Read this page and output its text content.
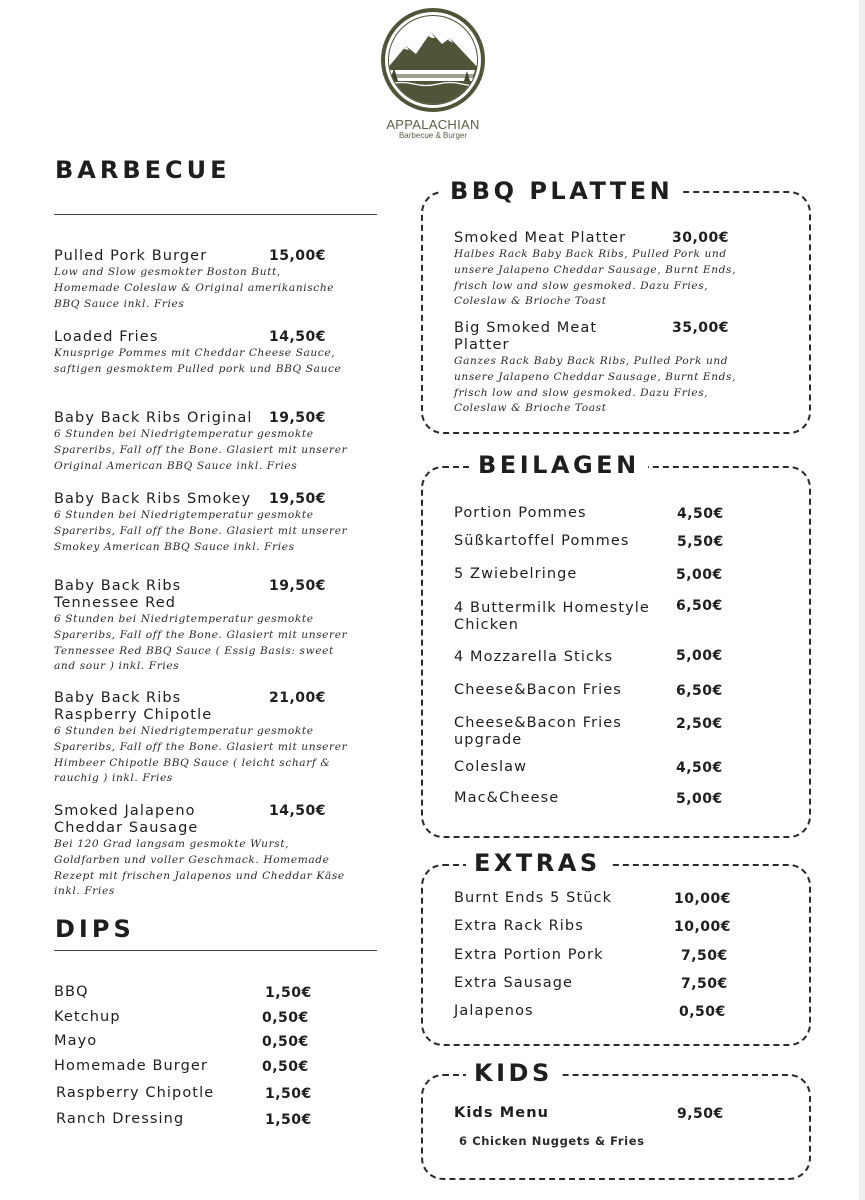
APPALACHIAN
Barbecue & Burger
BARBECUE
Pulled Pork Burger	15,00€
Low and Slow gesmokter Boston Butt,
Homemade Coleslaw & Original amerikanische
BBQ Sauce inkl. Fries
Loaded Fries	14,50€
Knusprige Pommes mit Cheddar Cheese Sauce,
saftigen gesmoktem Pulled pork und BBQ Sauce
Baby Back Ribs Original	19,50€
6 Stunden bei Niedrigtemperatur gesmokte
Spareribs, Fall off the Bone. Glasiert mit unserer
Original American BBQ Sauce inkl. Fries
Baby Back Ribs Smokey	19,50€
6 Stunden bei Niedrigtemperatur gesmokte
Spareribs, Fall off the Bone. Glasiert mit unserer
Smokey American BBQ Sauce inkl. Fries
Baby Back Ribs
Tennessee Red
19,50€
6 Stunden bei Niedrigtemperatur gesmokte
Spareribs, Fall off the Bone. Glasiert mit unserer
Tennessee Red BBQ Sauce ( Essig Basis: sweet
and sour ) inkl. Fries
Baby Back Ribs
Raspberry Chipotle
21,00€
6 Stunden bei Niedrigtemperatur gesmokte
Spareribs, Fall off the Bone. Glasiert mit unserer
Himbeer Chipotle BBQ Sauce ( leicht scharf &
rauchig ) inkl. Fries
Smoked Jalapeno
Cheddar Sausage
14,50€
Bei 120 Grad langsam gesmokte Wurst,
Goldfarben und voller Geschmack. Homemade
Rezept mit frischen Jalapenos und Cheddar Käse
inkl. Fries
DIPS
BBQ	1,50€
Ketchup	0,50€
Mayo	0,50€
Homemade Burger	0,50€
Raspberry Chipotle	1,50€
Ranch Dressing	1,50€
BBQ PLATTEN
Smoked Meat Platter	30,00€
Halbes Rack Baby Back Ribs, Pulled Pork und
unsere Jalapeno Cheddar Sausage, Burnt Ends,
frisch low and slow gesmoked. Dazu Fries,
Coleslaw & Brioche Toast
Big Smoked Meat
Platter
35,00€
Ganzes Rack Baby Back Ribs, Pulled Pork und
unsere Jalapeno Cheddar Sausage, Burnt Ends,
frisch low and slow gesmoked. Dazu Fries,
Coleslaw & Brioche Toast
BEILAGEN
Portion Pommes	4,50€
Süßkartoffel Pommes	5,50€
5 Zwiebelringe	5,00€
4 Buttermilk Homestyle
Chicken
6,50€
4 Mozzarella Sticks	5,00€
Cheese&Bacon Fries	6,50€
Cheese&Bacon Fries
upgrade
2,50€
Coleslaw	4,50€
Mac&Cheese	5,00€
EXTRAS
Burnt Ends 5 Stück	10,00€
Extra Rack Ribs	10,00€
Extra Portion Pork	7,50€
Extra Sausage	7,50€
Jalapenos	0,50€
KIDS
Kids Menu	9,50€
6 Chicken Nuggets & Fries
